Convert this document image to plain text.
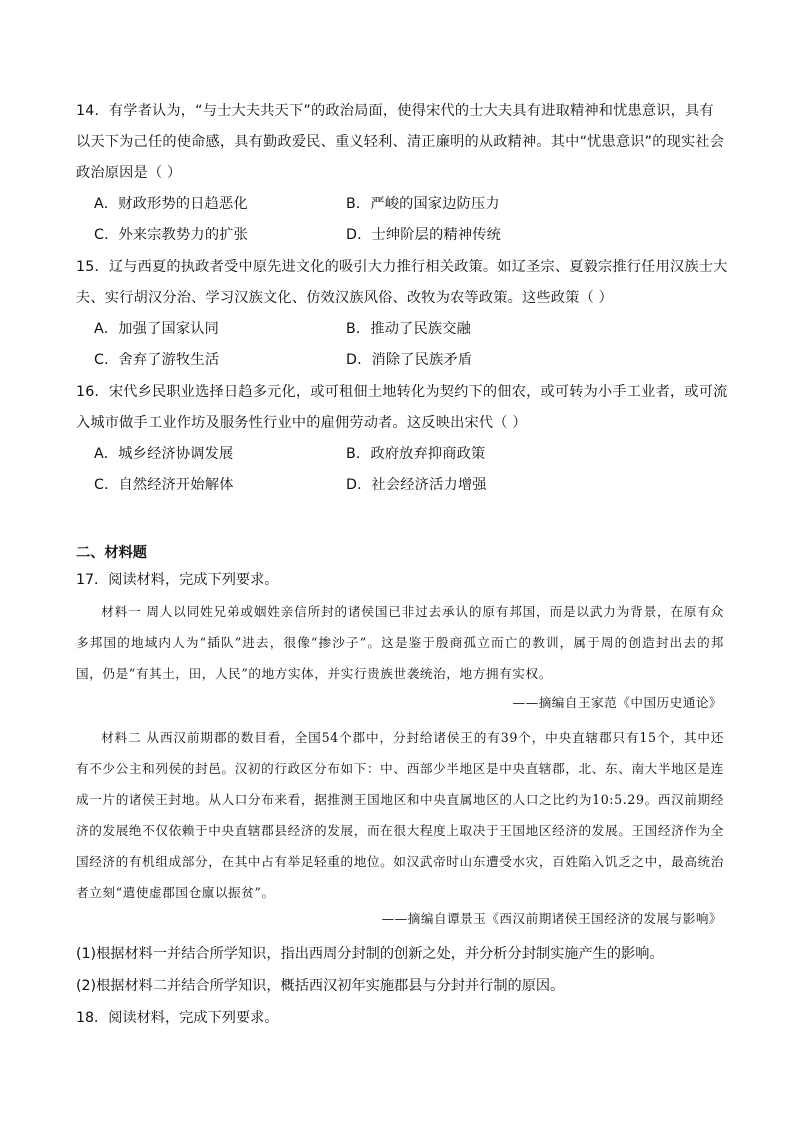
14．有学者认为，“与士大夫共天下”的政治局面，使得宋代的士大夫具有进取精神和忧患意识，具有以天下为己任的使命感，具有勤政爱民、重义轻利、清正廉明的从政精神。其中“忧患意识”的现实社会政治原因是（ ）

A．财政形势的日趋恶化	B．严峻的国家边防压力
C．外来宗教势力的扩张	D．士绅阶层的精神传统

15．辽与西夏的执政者受中原先进文化的吸引大力推行相关政策。如辽圣宗、夏毅宗推行任用汉族士大夫、实行胡汉分治、学习汉族文化、仿效汉族风俗、改牧为农等政策。这些政策（ ）

A．加强了国家认同	B．推动了民族交融
C．舍弃了游牧生活	D．消除了民族矛盾

16．宋代乡民职业选择日趋多元化，或可租佃土地转化为契约下的佃农，或可转为小手工业者，或可流入城市做手工业作坊及服务性行业中的雇佣劳动者。这反映出宋代（ ）

A．城乡经济协调发展	B．政府放弃抑商政策
C．自然经济开始解体	D．社会经济活力增强
二、材料题
17．阅读材料，完成下列要求。

材料一 周人以同姓兄弟或姻姓亲信所封的诸侯国已非过去承认的原有邦国，而是以武力为背景，在原有众多邦国的地域内人为“插队”进去，很像“掺沙子”。这是鉴于殷商孤立而亡的教训，属于周的创造封出去的邦国，仍是“有其土，田，人民”的地方实体，并实行贵族世袭统治，地方拥有实权。

——摘编自王家范《中国历史通论》

材料二 从西汉前期郡的数目看，全国54个郡中，分封给诸侯王的有39个，中央直辖郡只有15个，其中还有不少公主和列侯的封邑。汉初的行政区分布如下：中、西部少半地区是中央直辖郡，北、东、南大半地区是连成一片的诸侯王封地。从人口分布来看，据推测王国地区和中央直属地区的人口之比约为10:5.29。西汉前期经济的发展绝不仅依赖于中央直辖郡县经济的发展，而在很大程度上取决于王国地区经济的发展。王国经济作为全国经济的有机组成部分，在其中占有举足轻重的地位。如汉武帝时山东遭受水灾，百姓陷入饥乏之中，最高统治者立刻“遣使虚郡国仓廪以振贫”。

——摘编自谭景玉《西汉前期诸侯王国经济的发展与影响》
(1)根据材料一并结合所学知识，指出西周分封制的创新之处，并分析分封制实施产生的影响。
(2)根据材料二并结合所学知识，概括西汉初年实施郡县与分封并行制的原因。
18．阅读材料，完成下列要求。
